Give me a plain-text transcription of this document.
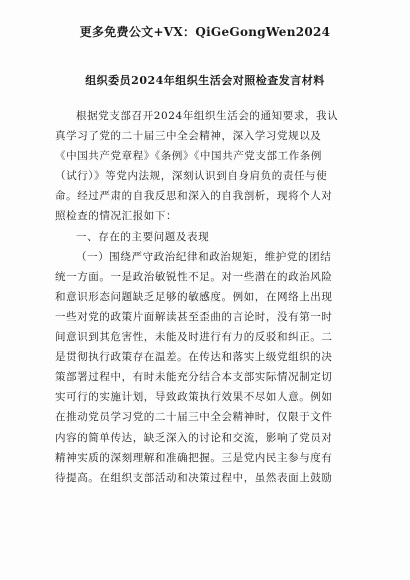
更多免费公文+VX：QiGeGongWen2024
组织委员2024年组织生活会对照检查发言材料
根据党支部召开2024年组织生活会的通知要求，我认
真学习了党的二十届三中全会精神，深入学习党规以及
《中国共产党章程》《条例》《中国共产党支部工作条例
（试行）》等党内法规，深刻认识到自身肩负的责任与使
命。经过严肃的自我反思和深入的自我剖析，现将个人对
照检查的情况汇报如下：
一、存在的主要问题及表现
（一）围绕严守政治纪律和政治规矩，维护党的团结
统一方面。一是政治敏锐性不足。对一些潜在的政治风险
和意识形态问题缺乏足够的敏感度。例如，在网络上出现
一些对党的政策片面解读甚至歪曲的言论时，没有第一时
间意识到其危害性，未能及时进行有力的反驳和纠正。二
是贯彻执行政策存在温差。在传达和落实上级党组织的决
策部署过程中，有时未能充分结合本支部实际情况制定切
实可行的实施计划，导致政策执行效果不尽如人意。例如
在推动党员学习党的二十届三中全会精神时，仅限于文件
内容的简单传达，缺乏深入的讨论和交流，影响了党员对
精神实质的深刻理解和准确把握。三是党内民主参与度有
待提高。在组织支部活动和决策过程中，虽然表面上鼓励
